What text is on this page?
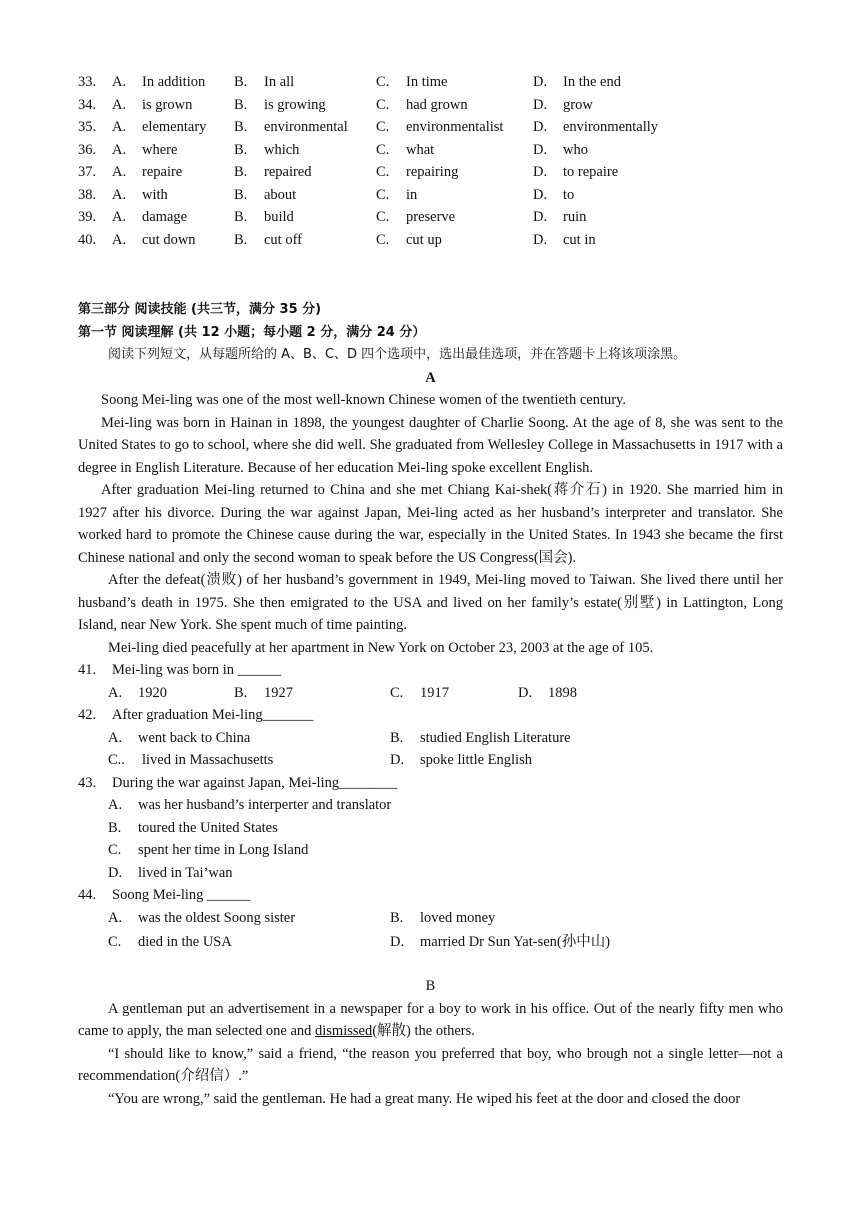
33. A. In addition B. In all	C. In time	D. In the end
34. A. is grown	B. is growing	C. had grown	D. grow
35. A. elementary B. environmental C. environmentalist D. environmentally
36. A. where	B. which	C. what	D. who
37. A. repaire	B. repaired	C. repairing	D. to repaire
38. A. with	B. about	C. in	D. to
39. A. damage	B. build	C. preserve	D. ruin
40. A. cut down	B. cut off	C. cut up	D. cut in
第三部分 阅读技能 (共三节，满分 35 分)
第一节 阅读理解 (共 12 小题；每小题 2 分，满分 24 分）
阅读下列短文，从每题所给的 A、B、C、D 四个选项中，选出最佳选项，并在答题卡上将该项涂黑。
A

Soong Mei-ling was one of the most well-known Chinese women of the twentieth century.

Mei-ling was born in Hainan in 1898, the youngest daughter of Charlie Soong. At the age of 8, she was sent to the United States to go to school, where she did well. She graduated from Wellesley College in Massachusetts in 1917 with a degree in English Literature. Because of her education Mei-ling spoke excellent English.

After graduation Mei-ling returned to China and she met Chiang Kai-shek(蒋介石) in 1920. She married him in 1927 after his divorce. During the war against Japan, Mei-ling acted as her husband’s interpreter and translator. She worked hard to promote the Chinese cause during the war, especially in the United States. In 1943 she became the first Chinese national and only the second woman to speak before the US Congress(国会).

After the defeat(溃败) of her husband’s government in 1949, Mei-ling moved to Taiwan. She lived there until her husband’s death in 1975. She then emigrated to the USA and lived on her family’s estate(别墅) in Lattington, Long Island, near New York. She spent much of time painting.

Mei-ling died peacefully at her apartment in New York on October 23, 2003 at the age of 105.

41. Mei-ling was born in ______
A. 1920	B. 1927	C. 1917	D. 1898
42. After graduation Mei-ling_______
A. went back to China	B. studied English Literature
C.. lived in Massachusetts	D. spoke little English
43. During the war against Japan, Mei-ling________
A. was her husband’s interperter and translator
B. toured the United States
C. spent her time in Long Island
D. lived in Tai’wan
44. Soong Mei-ling ______
A. was the oldest Soong sister	B. loved money
C. died in the USA	D. married Dr Sun Yat-sen(孙中山)
B

A gentleman put an advertisement in a newspaper for a boy to work in his office. Out of the nearly fifty men who came to apply, the man selected one and dismissed(解散) the others.

“I should like to know,” said a friend, “the reason you preferred that boy, who brough not a single letter—not a recommendation(介绍信）.”

“You are wrong,” said the gentleman. He had a great many. He wiped his feet at the door and closed the door
